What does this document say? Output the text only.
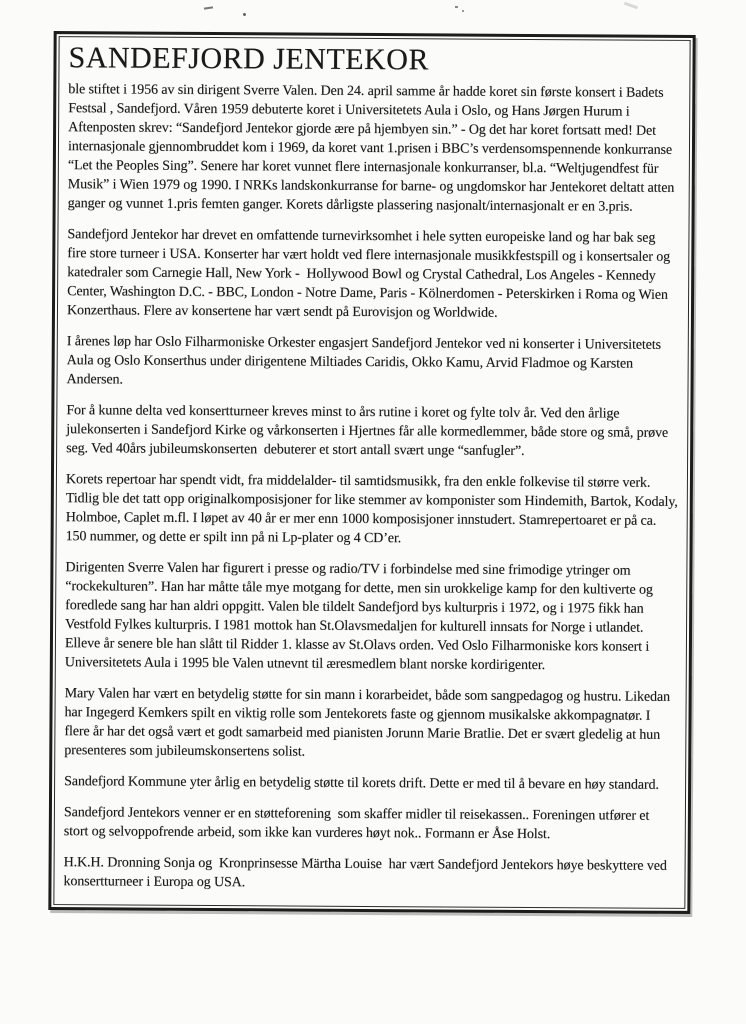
SANDEFJORD JENTEKOR

ble stiftet i 1956 av sin dirigent Sverre Valen. Den 24. april samme år hadde koret sin første konsert i Badets Festsal , Sandefjord. Våren 1959 debuterte koret i Universitetets Aula i Oslo, og Hans Jørgen Hurum i Aftenposten skrev: “Sandefjord Jentekor gjorde ære på hjembyen sin.” - Og det har koret fortsatt med! Det internasjonale gjennombruddet kom i 1969, da koret vant 1.prisen i BBC’s verdensomspennende konkurranse “Let the Peoples Sing”. Senere har koret vunnet flere internasjonale konkurranser, bl.a. “Weltjugendfest für Musik” i Wien 1979 og 1990. I NRKs landskonkurranse for barne- og ungdomskor har Jentekoret deltatt atten ganger og vunnet 1.pris femten ganger. Korets dårligste plassering nasjonalt/internasjonalt er en 3.pris.

Sandefjord Jentekor har drevet en omfattende turnevirksomhet i hele sytten europeiske land og har bak seg  fire store turneer i USA. Konserter har vært holdt ved flere internasjonale musikkfestspill og i konsertsaler og katedraler som Carnegie Hall, New York -  Hollywood Bowl og Crystal Cathedral, Los Angeles - Kennedy Center, Washington D.C. - BBC, London - Notre Dame, Paris - Kölnerdomen - Peterskirken i Roma og Wien Konzerthaus. Flere av konsertene har vært sendt på Eurovisjon og Worldwide.

I årenes løp har Oslo Filharmoniske Orkester engasjert Sandefjord Jentekor ved ni konserter i Universitetets Aula og Oslo Konserthus under dirigentene Miltiades Caridis, Okko Kamu, Arvid Fladmoe og Karsten  Andersen.

For å kunne delta ved konsertturneer kreves minst to års rutine i koret og fylte tolv år. Ved den årlige julekonserten i Sandefjord Kirke og vårkonserten i Hjertnes får alle kormedlemmer, både store og små, prøve seg. Ved 40års jubileumskonserten  debuterer et stort antall svært unge “sanfugler”.

Korets repertoar har spendt vidt, fra middelalder- til samtidsmusikk, fra den enkle folkevise til større verk. Tidlig ble det tatt opp originalkomposisjoner for like stemmer av komponister som Hindemith, Bartok, Kodaly, Holmboe, Caplet m.fl. I løpet av 40 år er mer enn 1000 komposisjoner innstudert. Stamrepertoaret er på ca. 150 nummer, og dette er spilt inn på ni Lp-plater og 4 CD’er.

Dirigenten Sverre Valen har figurert i presse og radio/TV i forbindelse med sine frimodige ytringer om “rockekulturen”. Han har måtte tåle mye motgang for dette, men sin urokkelige kamp for den kultiverte og foredlede sang har han aldri oppgitt. Valen ble tildelt Sandefjord bys kulturpris i 1972, og i 1975 fikk han  Vestfold Fylkes kulturpris. I 1981 mottok han St.Olavsmedaljen for kulturell innsats for Norge i utlandet. Elleve år senere ble han slått til Ridder 1. klasse av St.Olavs orden. Ved Oslo Filharmoniske kors konsert i Universitetets Aula i 1995 ble Valen utnevnt til æresmedlem blant norske kordirigenter.

Mary Valen har vært en betydelig støtte for sin mann i korarbeidet, både som sangpedagog og hustru. Likedan har Ingegerd Kemkers spilt en viktig rolle som Jentekorets faste og gjennom musikalske akkompagnatør. I flere år har det også vært et godt samarbeid med pianisten Jorunn Marie Bratlie. Det er svært gledelig at hun presenteres som jubileumskonsertens solist.

Sandefjord Kommune yter årlig en betydelig støtte til korets drift. Dette er med til å bevare en høy standard.

Sandefjord Jentekors venner er en støtteforening  som skaffer midler til reisekassen.. Foreningen utfører et stort og selvoppofrende arbeid, som ikke kan vurderes høyt nok.. Formann er Åse Holst.

H.K.H. Dronning Sonja og  Kronprinsesse Märtha Louise  har vært Sandefjord Jentekors høye beskyttere ved konsertturneer i Europa og USA.
